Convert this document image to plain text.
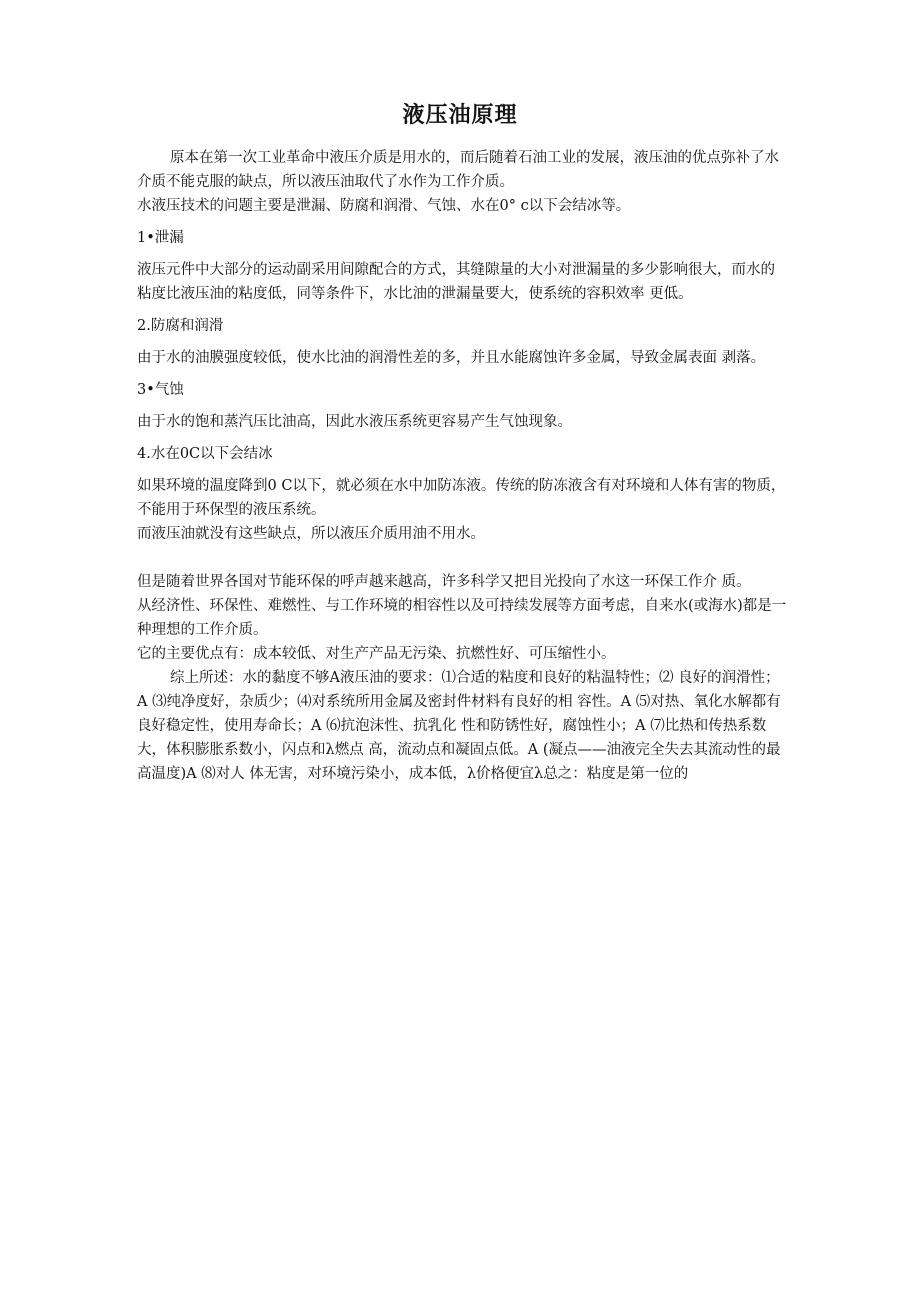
液压油原理

原本在第一次工业革命中液压介质是用水的，而后随着石油工业的发展，液压油的优点弥补了水介质不能克服的缺点，所以液压油取代了水作为工作介质。

水液压技术的问题主要是泄漏、防腐和润滑、气蚀、水在0° c以下会结冰等。

1•泄漏

液压元件中大部分的运动副采用间隙配合的方式，其缝隙量的大小对泄漏量的多少影响很大，而水的粘度比液压油的粘度低，同等条件下，水比油的泄漏量要大，使系统的容积效率 更低。

2.防腐和润滑

由于水的油膜强度较低，使水比油的润滑性差的多，并且水能腐蚀许多金属，导致金属表面 剥落。

3•气蚀

由于水的饱和蒸汽压比油高，因此水液压系统更容易产生气蚀现象。

4.水在0C以下会结冰

如果环境的温度降到0 C以下，就必须在水中加防冻液。传统的防冻液含有对环境和人体有害的物质，不能用于环保型的液压系统。

而液压油就没有这些缺点，所以液压介质用油不用水。

但是随着世界各国对节能环保的呼声越来越高，许多科学又把目光投向了水这一环保工作介 质。

从经济性、环保性、难燃性、与工作环境的相容性以及可持续发展等方面考虑，自来水(或海水)都是一种理想的工作介质。

它的主要优点有：成本较低、对生产产品无污染、抗燃性好、可压缩性小。

综上所述：水的黏度不够A液压油的要求：⑴合适的粘度和良好的粘温特性；⑵ 良好的润滑性；A ⑶纯净度好，杂质少；⑷对系统所用金属及密封件材料有良好的相 容性。A ⑸对热、氧化水解都有良好稳定性，使用寿命长；A ⑹抗泡沫性、抗乳化 性和防锈性好，腐蚀性小；A ⑺比热和传热系数大，体积膨胀系数小，闪点和λ燃点 高，流动点和凝固点低。A (凝点——油液完全失去其流动性的最高温度)A ⑻对人 体无害，对环境污染小，成本低，λ价格便宜λ总之：粘度是第一位的
